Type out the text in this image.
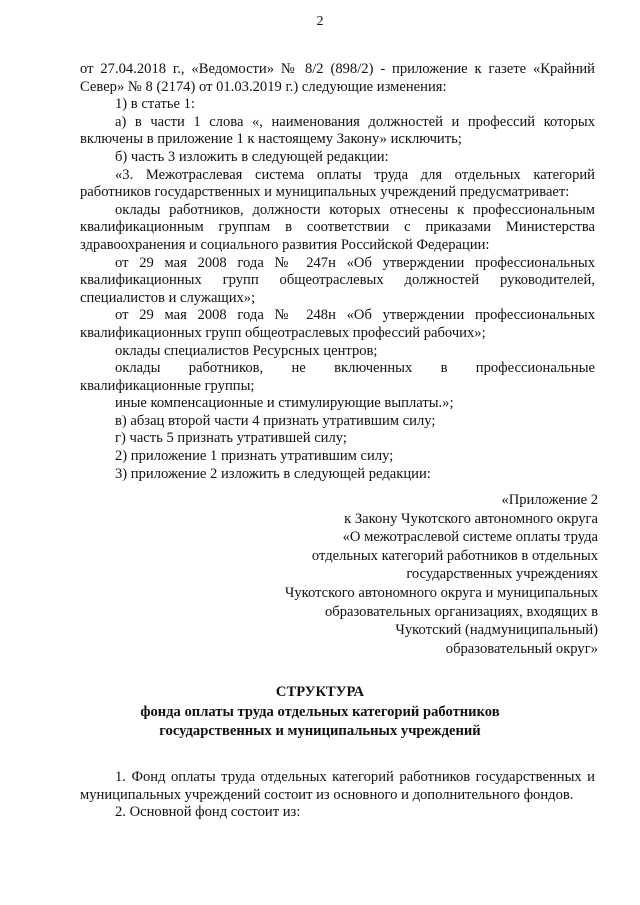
2

от 27.04.2018 г., «Ведомости» № 8/2 (898/2) - приложение к газете «Крайний Север» № 8 (2174) от 01.03.2019 г.) следующие изменения:

1) в статье 1:

а) в части 1 слова «, наименования должностей и профессий которых включены в приложение 1 к настоящему Закону» исключить;

б) часть 3 изложить в следующей редакции:

«3. Межотраслевая система оплаты труда для отдельных категорий работников государственных и муниципальных учреждений предусматривает:

оклады работников, должности которых отнесены к профессиональным квалификационным группам в соответствии с приказами Министерства здравоохранения и социального развития Российской Федерации:

от 29 мая 2008 года № 247н «Об утверждении профессиональных квалификационных групп общеотраслевых должностей руководителей, специалистов и служащих»;

от 29 мая 2008 года № 248н «Об утверждении профессиональных квалификационных групп общеотраслевых профессий рабочих»;

оклады специалистов Ресурсных центров;

оклады работников, не включенных в профессиональные квалификационные группы;

иные компенсационные и стимулирующие выплаты.»;

в) абзац второй части 4 признать утратившим силу;

г) часть 5 признать утратившей силу;

2) приложение 1 признать утратившим силу;

3) приложение 2 изложить в следующей редакции:

«Приложение 2
к Закону Чукотского автономного округа
«О межотраслевой системе оплаты труда
отдельных категорий работников в отдельных
государственных учреждениях
Чукотского автономного округа и муниципальных
образовательных организациях, входящих в
Чукотский (надмуниципальный)
образовательный округ»
СТРУКТУРА
фонда оплаты труда отдельных категорий работников
государственных и муниципальных учреждений

1. Фонд оплаты труда отдельных категорий работников государственных и муниципальных учреждений состоит из основного и дополнительного фондов.

2. Основной фонд состоит из:
